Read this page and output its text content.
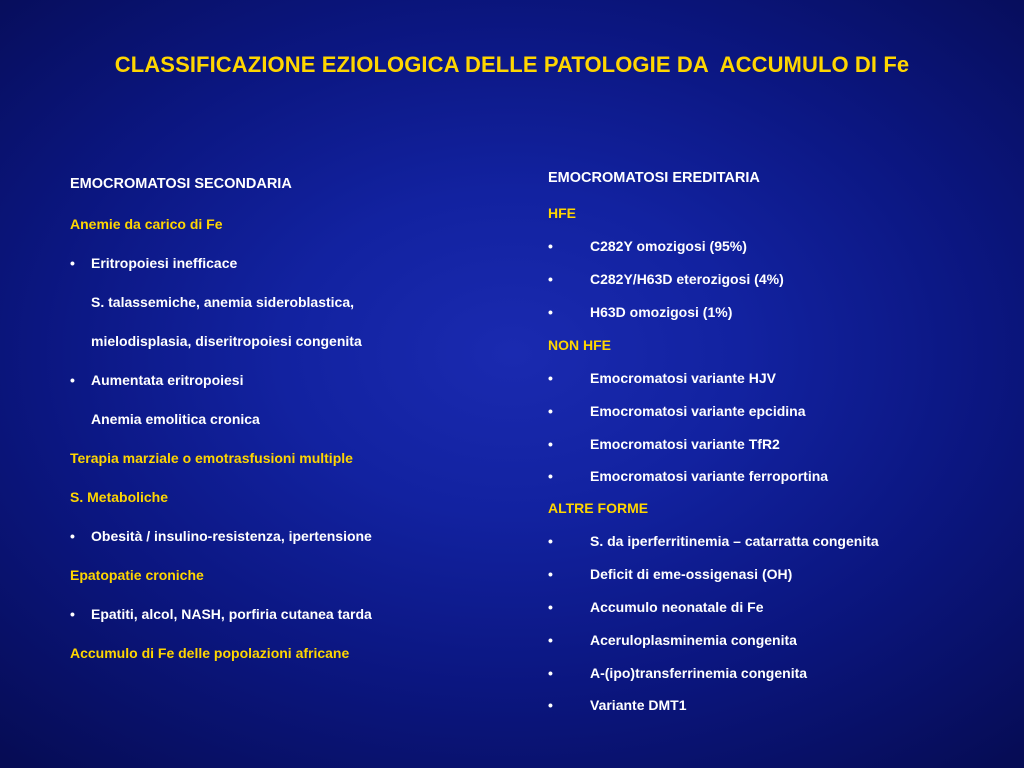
CLASSIFICAZIONE EZIOLOGICA DELLE PATOLOGIE DA  ACCUMULO DI Fe
EMOCROMATOSI SECONDARIA
Anemie da carico di Fe
• Eritropoiesi inefficace
S. talassemiche, anemia sideroblastica,
mielodisplasia, diseritropoiesi congenita
• Aumentata eritropoiesi
Anemia emolitica cronica
Terapia marziale o emotrasfusioni multiple
S. Metaboliche
• Obesità / insulino-resistenza, ipertensione
Epatopatie croniche
• Epatiti, alcol, NASH, porfiria cutanea tarda
Accumulo di Fe delle popolazioni africane
EMOCROMATOSI EREDITARIA
HFE
•	C282Y omozigosi (95%)
•	C282Y/H63D eterozigosi (4%)
•	H63D omozigosi (1%)
NON HFE
•	Emocromatosi variante HJV
•	Emocromatosi variante epcidina
•	Emocromatosi variante TfR2
•	Emocromatosi variante ferroportina
ALTRE FORME
•	S. da iperferritinemia – catarratta congenita
•	Deficit di eme-ossigenasi (OH)
•	Accumulo neonatale di Fe
•	Aceruloplasminemia congenita
•	A-(ipo)transferrinemia congenita
•	Variante DMT1
